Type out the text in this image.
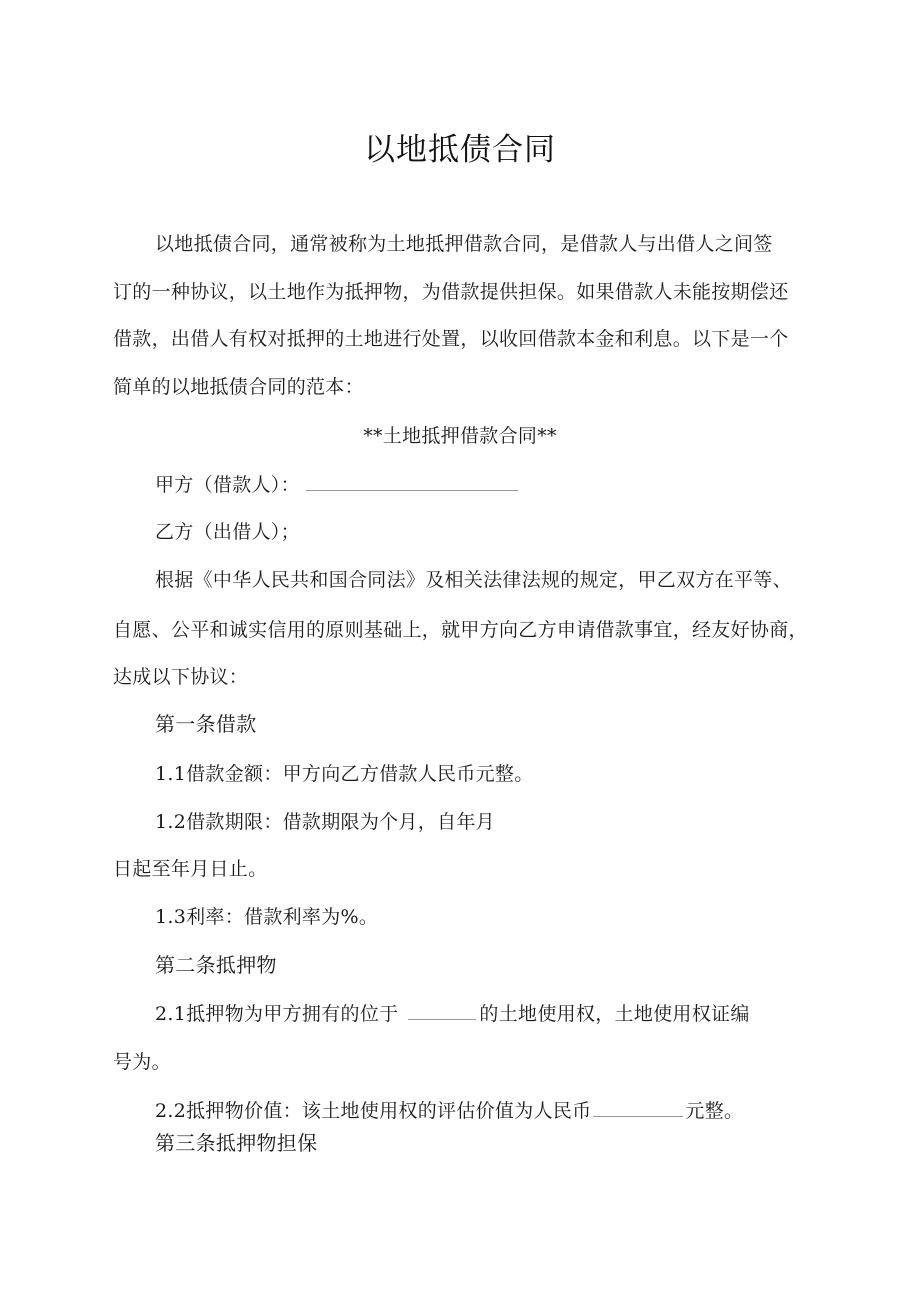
以地抵债合同
以地抵债合同，通常被称为土地抵押借款合同，是借款人与出借人之间签
订的一种协议，以土地作为抵押物，为借款提供担保。如果借款人未能按期偿还
借款，出借人有权对抵押的土地进行处置，以收回借款本金和利息。以下是一个
简单的以地抵债合同的范本：
**土地抵押借款合同**
甲方（借款人）：
乙方（出借人）；
根据《中华人民共和国合同法》及相关法律法规的规定，甲乙双方在平等、
自愿、公平和诚实信用的原则基础上，就甲方向乙方申请借款事宜，经友好协商，
达成以下协议：
第一条借款
1.1借款金额：甲方向乙方借款人民币元整。
1.2借款期限：借款期限为个月，自年月
日起至年月日止。
1.3利率：借款利率为%。
第二条抵押物
2.1抵押物为甲方拥有的位于	的土地使用权，土地使用权证编
号为。
2.2抵押物价值：该土地使用权的评估价值为人民币	元整。
第三条抵押物担保
